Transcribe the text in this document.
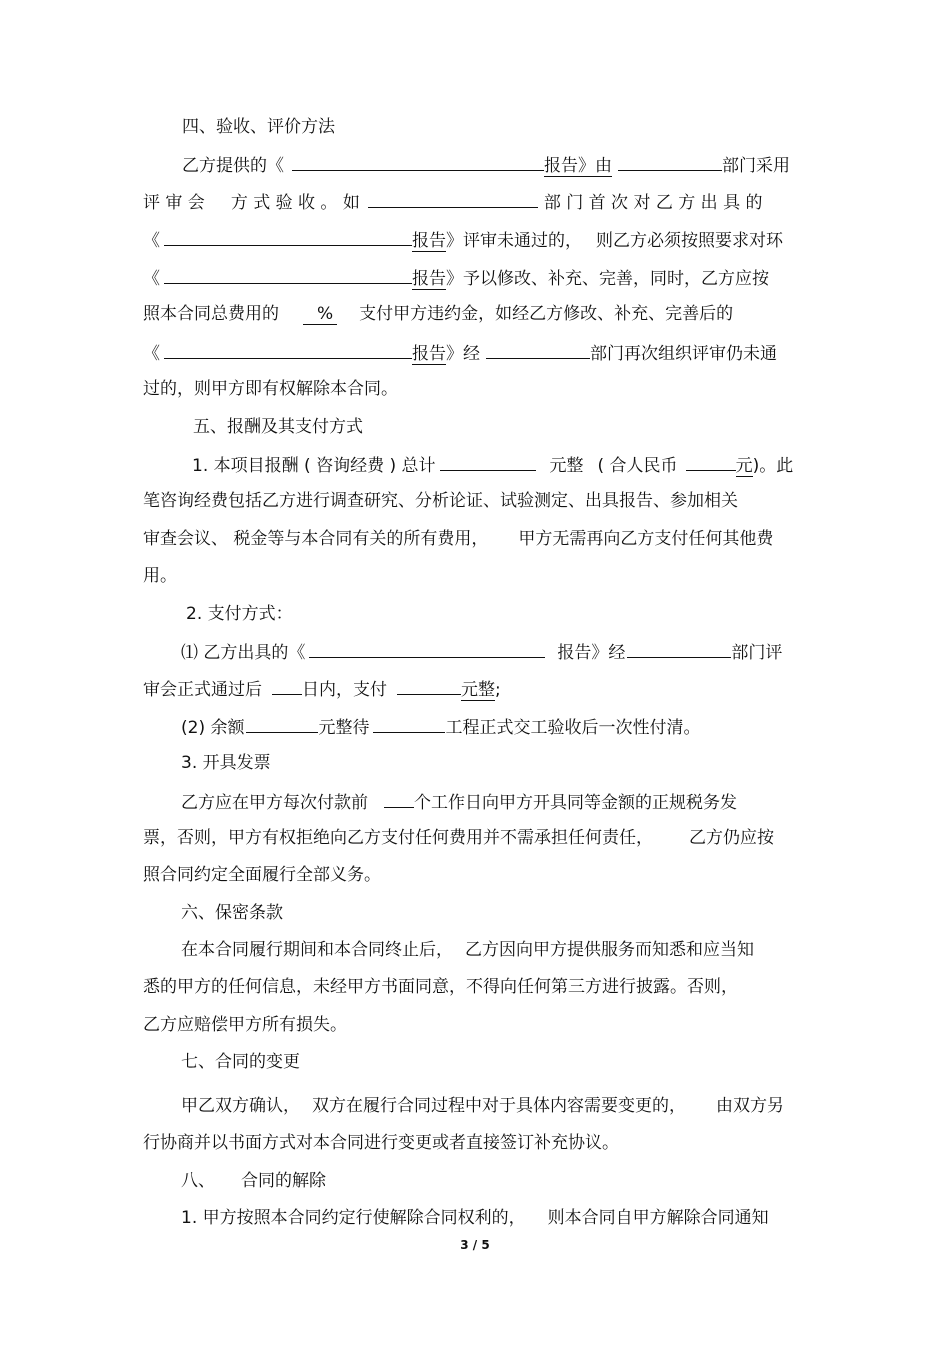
四、验收、评价方法
乙方提供的《	报告》由	部门采用
评 审 会 方 式 验 收 。 如	部 门 首 次 对 乙 方 出 具 的
《	报告》评审未通过的， 则乙方必须按照要求对环
《	报告》予以修改、补充、完善，同时，乙方应按
照本合同总费用的 % 支付甲方违约金，如经乙方修改、补充、完善后的
《	报告》经	部门再次组织评审仍未通
过的，则甲方即有权解除本合同。
五、报酬及其支付方式
1. 本项目报酬 ( 咨询经费 ) 总计	元整 ( 合人民币	元)。此
笔咨询经费包括乙方进行调查研究、分析论证、试验测定、出具报告、参加相关
审查会议、 税金等与本合同有关的所有费用， 甲方无需再向乙方支付任何其他费
用。
2. 支付方式：
⑴ 乙方出具的《	报告》经	部门评
审会正式通过后 日内，支付	元整;
(2) 余额	元整待	工程正式交工验收后一次性付清。
3. 开具发票
乙方应在甲方每次付款前	个工作日向甲方开具同等金额的正规税务发
票，否则，甲方有权拒绝向乙方支付任何费用并不需承担任何责任， 乙方仍应按
照合同约定全面履行全部义务。
六、保密条款
在本合同履行期间和本合同终止后， 乙方因向甲方提供服务而知悉和应当知
悉的甲方的任何信息，未经甲方书面同意，不得向任何第三方进行披露。否则，
乙方应赔偿甲方所有损失。
七、合同的变更
甲乙双方确认， 双方在履行合同过程中对于具体内容需要变更的， 由双方另
行协商并以书面方式对本合同进行变更或者直接签订补充协议。
八、 合同的解除
1. 甲方按照本合同约定行使解除合同权利的， 则本合同自甲方解除合同通知
3 / 5
